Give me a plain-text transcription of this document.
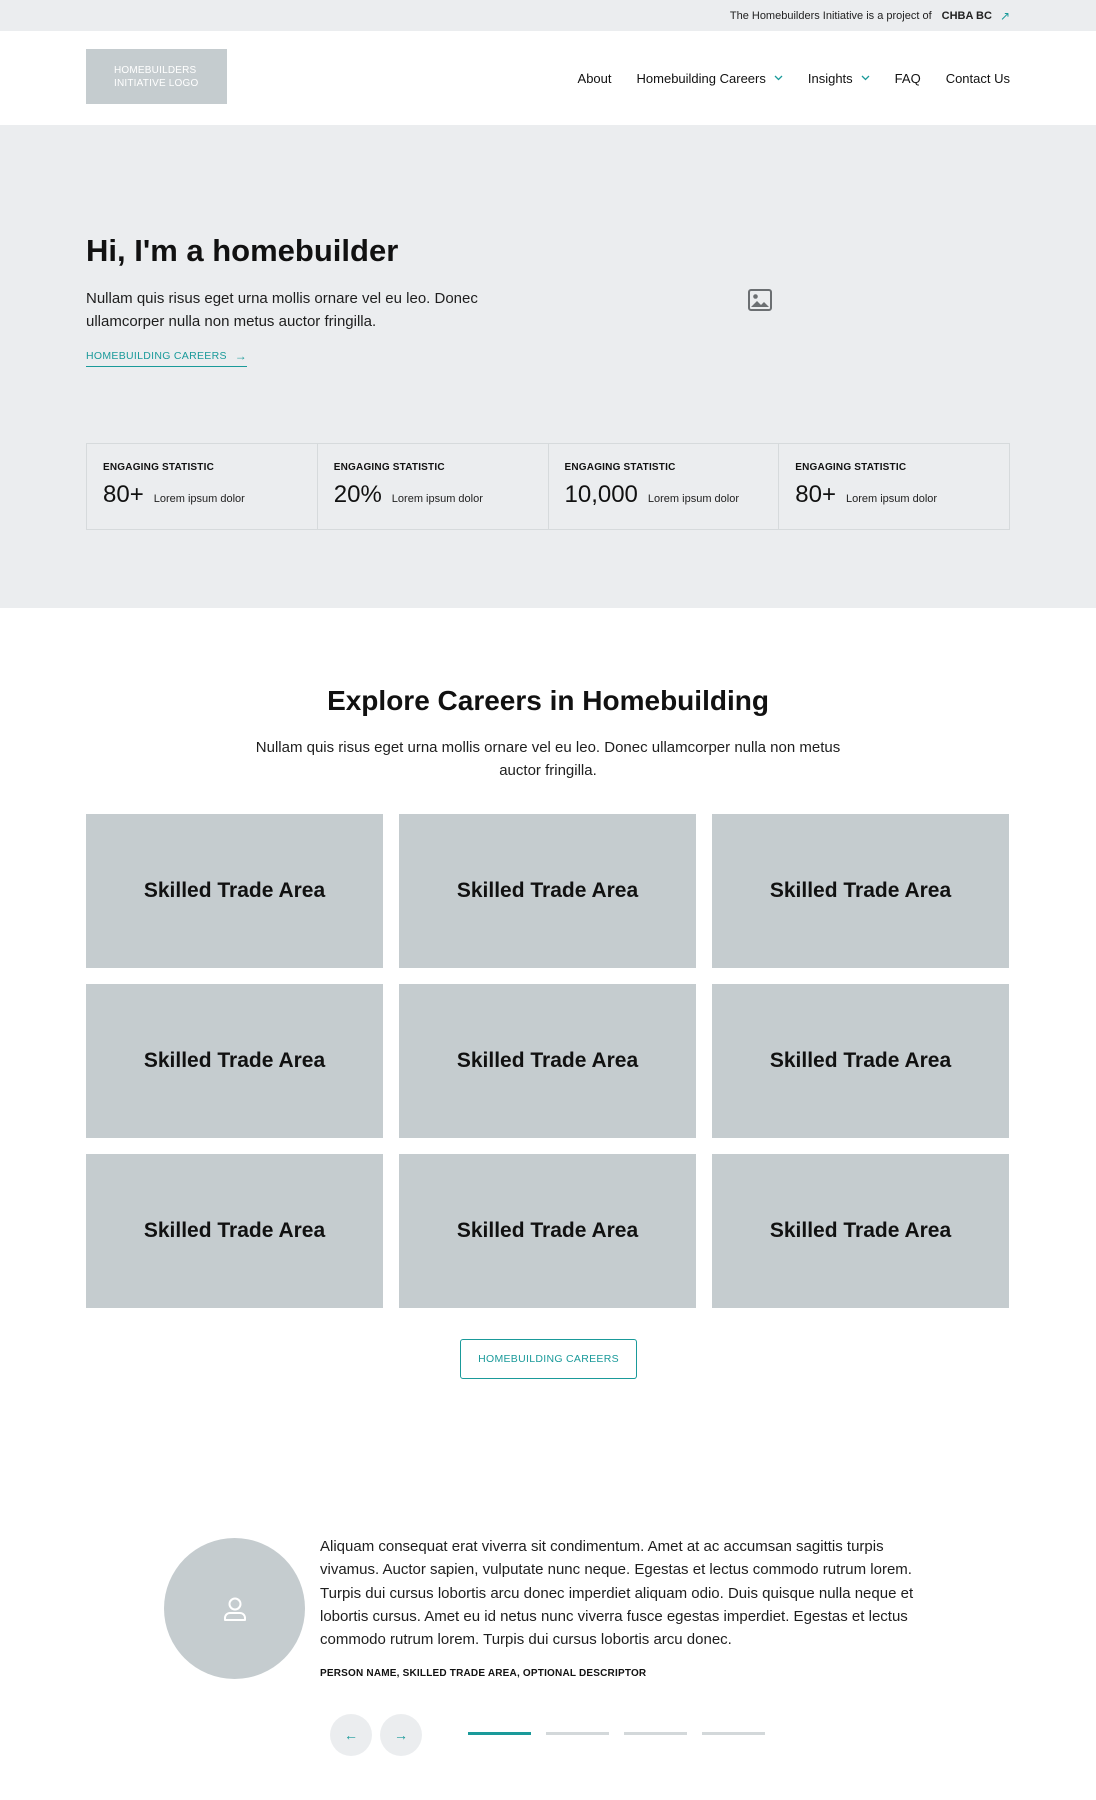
The Homebuilders Initiative is a project of CHBA BC ↗
HOMEBUILDERS
INITIATIVE LOGO	About Homebuilding Careers	Insights	FAQ Contact Us
Hi, I'm a homebuilder

Nullam quis risus eget urna mollis ornare vel eu leo. Donec ullamcorper nulla non metus auctor fringilla.

HOMEBUILDING CAREERS →
ENGAGING STATISTIC
80+ Lorem ipsum dolor
ENGAGING STATISTIC
20% Lorem ipsum dolor
ENGAGING STATISTIC
10,000 Lorem ipsum dolor
ENGAGING STATISTIC
80+ Lorem ipsum dolor
Explore Careers in Homebuilding

Nullam quis risus eget urna mollis ornare vel eu leo. Donec ullamcorper nulla non metus auctor fringilla.

Skilled Trade Area	Skilled Trade Area	Skilled Trade Area
Skilled Trade Area	Skilled Trade Area	Skilled Trade Area
Skilled Trade Area	Skilled Trade Area	Skilled Trade Area
HOMEBUILDING CAREERS

Aliquam consequat erat viverra sit condimentum. Amet at ac accumsan sagittis turpis vivamus. Auctor sapien, vulputate nunc neque. Egestas et lectus commodo rutrum lorem. Turpis dui cursus lobortis arcu donec imperdiet aliquam odio. Duis quisque nulla neque et lobortis cursus. Amet eu id netus nunc viverra fusce egestas imperdiet. Egestas et lectus commodo rutrum lorem. Turpis dui cursus lobortis arcu donec.

PERSON NAME, SKILLED TRADE AREA, OPTIONAL DESCRIPTOR
←	→
